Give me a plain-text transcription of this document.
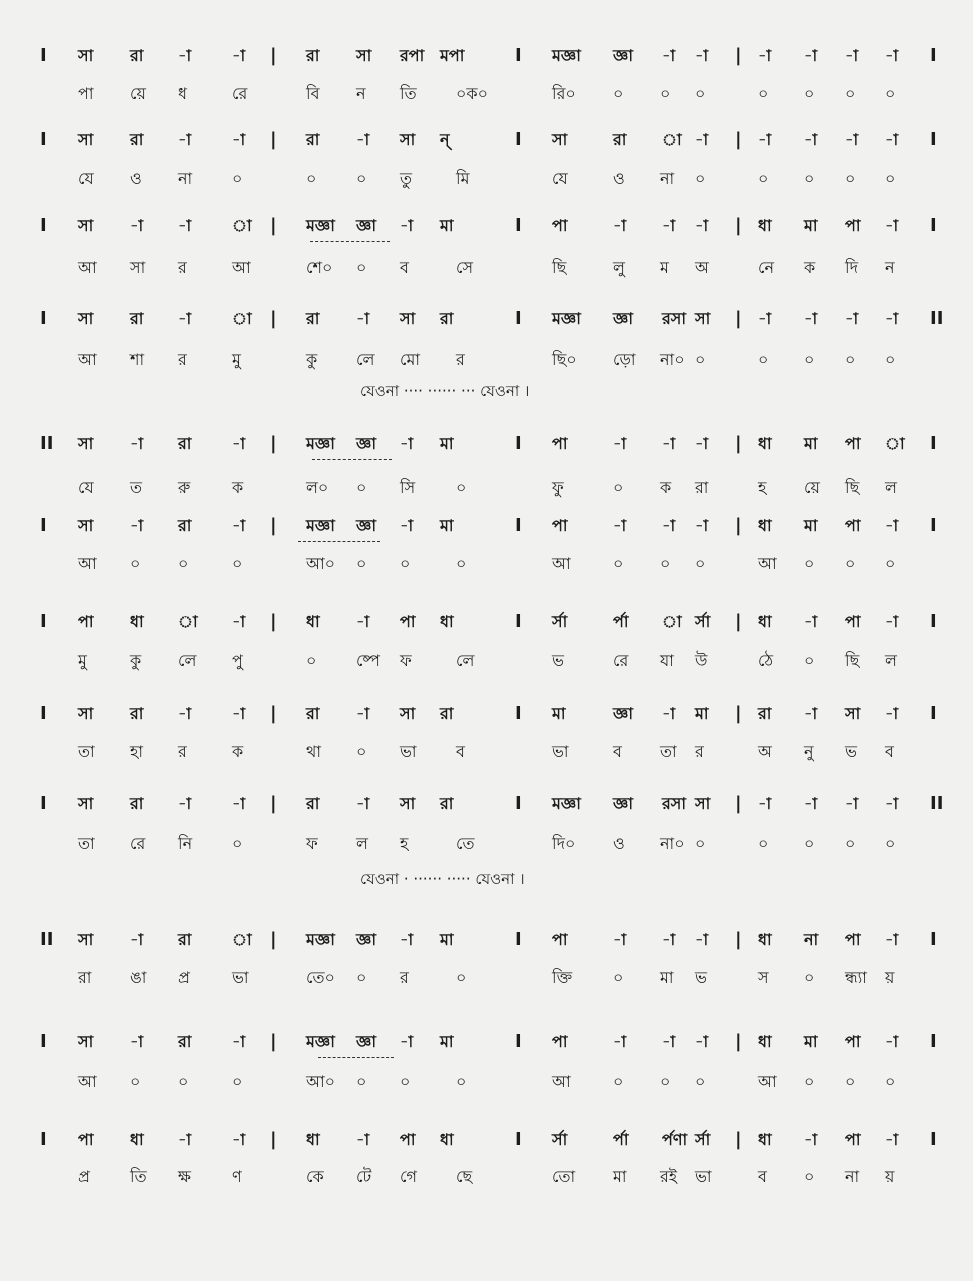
I সা রা -া	-া | রা সা রপা মপা	I মজ্ঞা জ্ঞা -া -া | -া -া -া -া I
পা য়ে ধ	রে	বি ন তি ০ক০	রি০ ০ ০ ০	০ ০ ০ ০
I সা রা -া	-া | রা -া সা ন্	I সা	রা া -া | -া -া -া -া I
যে ও না ০	০ ০ তু	মি	যে	ও না ০	০ ০ ০ ০
I সা -া -া	া | মজ্ঞা জ্ঞা -া মা	I পা	-া -া -া | ধা মা পা -া I
আ সা র	আ	শে০ ০ ব	সে	ছি	লু ম অ	নে ক দি ন
I সা রা -া	া | রা -া সা রা	I মজ্ঞা জ্ঞা রসা সা | -া -া -া -া II
আ শা র	মু	কু লে মো র	ছি০ ড়ো না০ ০	০ ০ ০ ০
II সা -া রা	-া | মজ্ঞা জ্ঞা -া মা	I পা	-া -া -া | ধা মা পা া I
যে ত রু	ক	ল০ ০ সি	০	ফু	০ ক রা	হ য়ে ছি ল
I সা -া রা	-া | মজ্ঞা জ্ঞা -া মা	I পা	-া -া -া | ধা মা পা -া I
আ ০ ০	০	আ০ ০ ০	০	আ	০ ০ ০	আ ০ ০ ০
I পা ধা া -া | ধা -া পা ধা	I র্সা	র্পা া র্সা | ধা -া পা -া I
মু	কু লে পু	০ ষ্পে ফ	লে	ভ	রে যা উ	ঠে ০ ছি ল
I সা রা -া	-া | রা -া সা রা	I মা	জ্ঞা -া মা | রা -া সা -া I
তা হা র	ক	থা ০ ভা ব	ভা	ব তা র	অ নু ভ ব
I সা রা -া	-া | রা -া সা রা	I মজ্ঞা জ্ঞা রসা সা | -া -া -া -া II
তা রে নি ০	ফ ল হ	তে	দি০ ও না০ ০	০ ০ ০ ০
II সা -া রা	া | মজ্ঞা জ্ঞা -া মা	I পা	-া -া -া | ধা না পা -া I
রা ঙা প্র	ভা	তে০ ০ র	০	ক্তি	০ মা ভ	স ০ ন্ধ্যা য়
I সা -া রা	-া | মজ্ঞা জ্ঞা -া মা	I পা	-া -া -া | ধা মা পা -া I
আ ০ ০	০	আ০ ০ ০	০	আ	০ ০ ০	আ ০ ০ ০
I পা ধা -া	-া | ধা -া পা ধা	I র্সা	র্পা র্পণা র্সা | ধা -া পা -া I
প্র	তি ক্ষ	ণ	কে টে গে ছে	তো মা রই ভা	ব ০ না য়
যেওনা ···· ······ ··· যেওনা ।
যেওনা · ······ ····· যেওনা ।
